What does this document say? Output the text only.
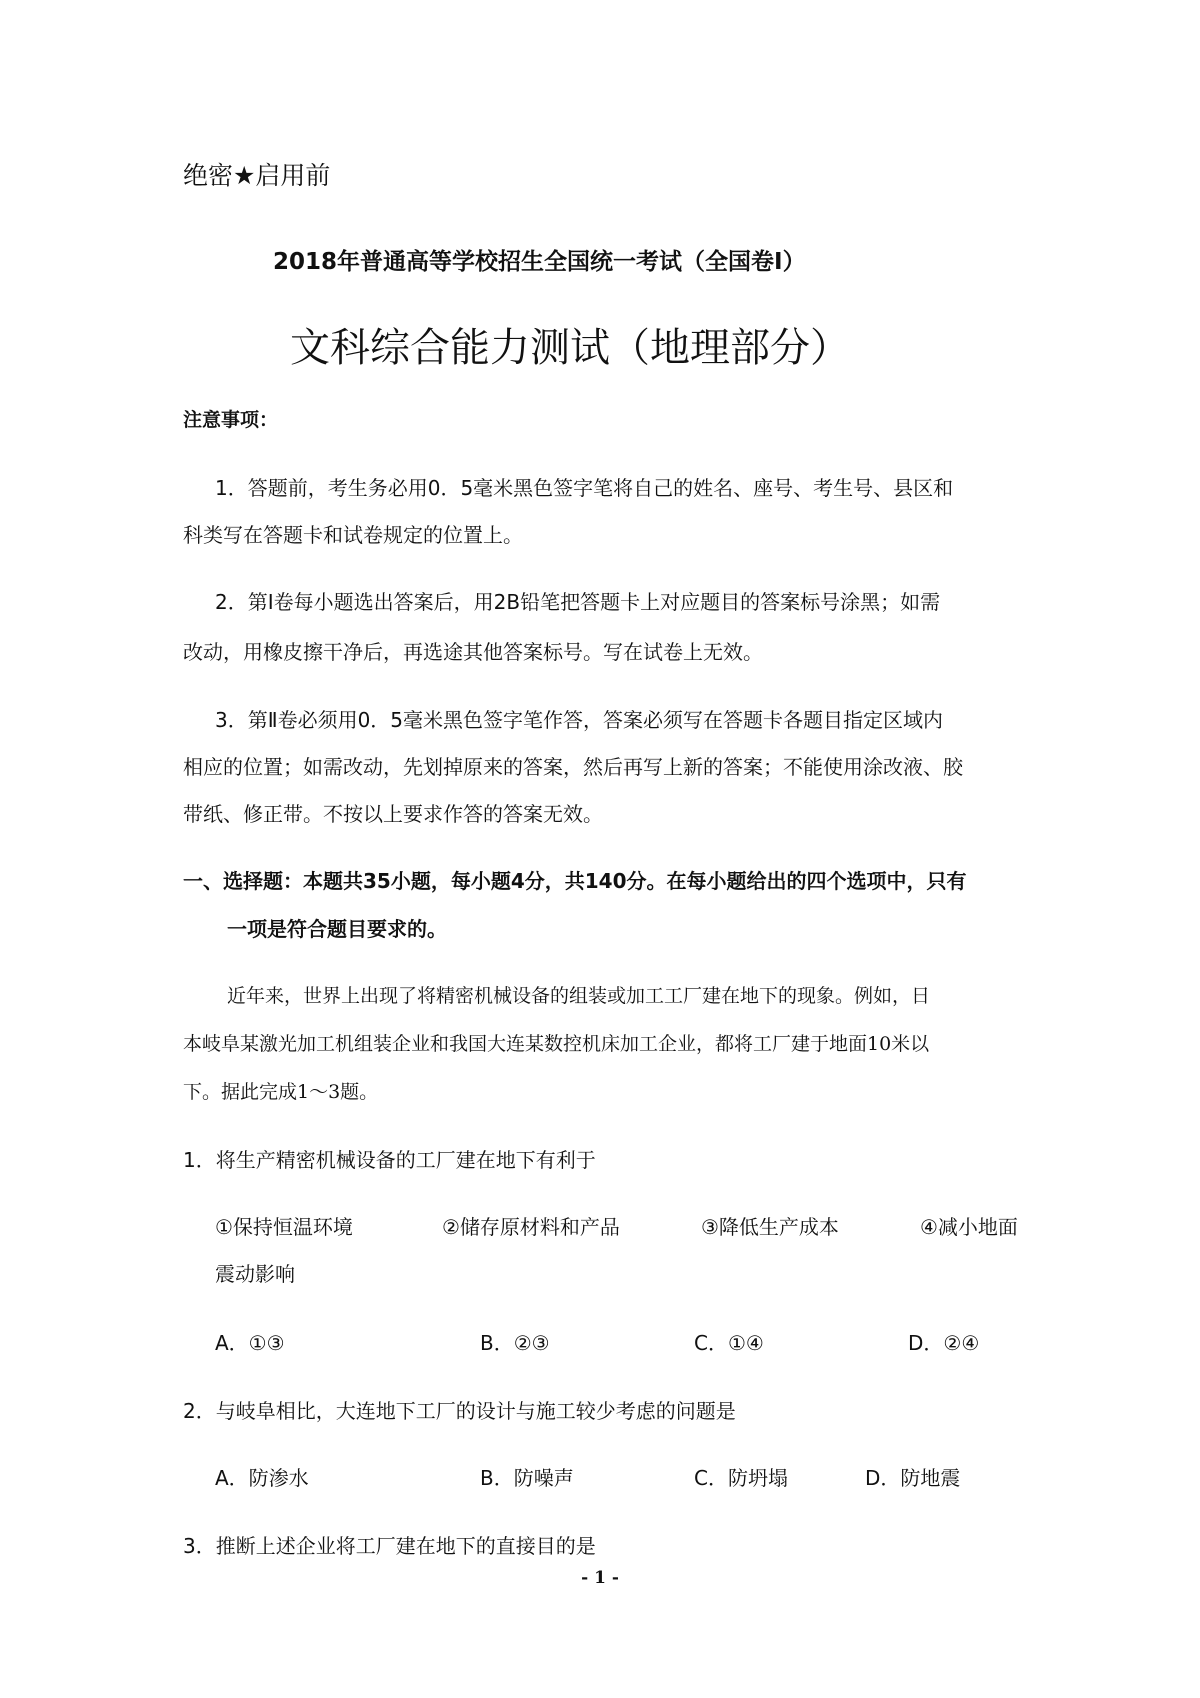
绝密★启用前
2018年普通高等学校招生全国统一考试（全国卷Ⅰ）
文科综合能力测试（地理部分）
注意事项：
1．答题前，考生务必用0．5毫米黑色签字笔将自己的姓名、座号、考生号、县区和
科类写在答题卡和试卷规定的位置上。
2．第Ⅰ卷每小题选出答案后，用2B铅笔把答题卡上对应题目的答案标号涂黑；如需
改动，用橡皮擦干净后，再选途其他答案标号。写在试卷上无效。
3．第Ⅱ卷必须用0．5毫米黑色签字笔作答，答案必须写在答题卡各题目指定区域内
相应的位置；如需改动，先划掉原来的答案，然后再写上新的答案；不能使用涂改液、胶
带纸、修正带。不按以上要求作答的答案无效。
一、选择题：本题共35小题，每小题4分，共140分。在每小题给出的四个选项中，只有
一项是符合题目要求的。
近年来，世界上出现了将精密机械设备的组装或加工工厂建在地下的现象。例如，日
本岐阜某激光加工机组装企业和我国大连某数控机床加工企业，都将工厂建于地面10米以
下。据此完成1～3题。
1．将生产精密机械设备的工厂建在地下有利于
①保持恒温环境	②储存原材料和产品	③降低生产成本	④减小地面
震动影响
A．①③	B．②③	C．①④	D．②④
2．与岐阜相比，大连地下工厂的设计与施工较少考虑的问题是
A．防渗水	B．防噪声	C．防坍塌	D．防地震
3．推断上述企业将工厂建在地下的直接目的是
- 1 -
